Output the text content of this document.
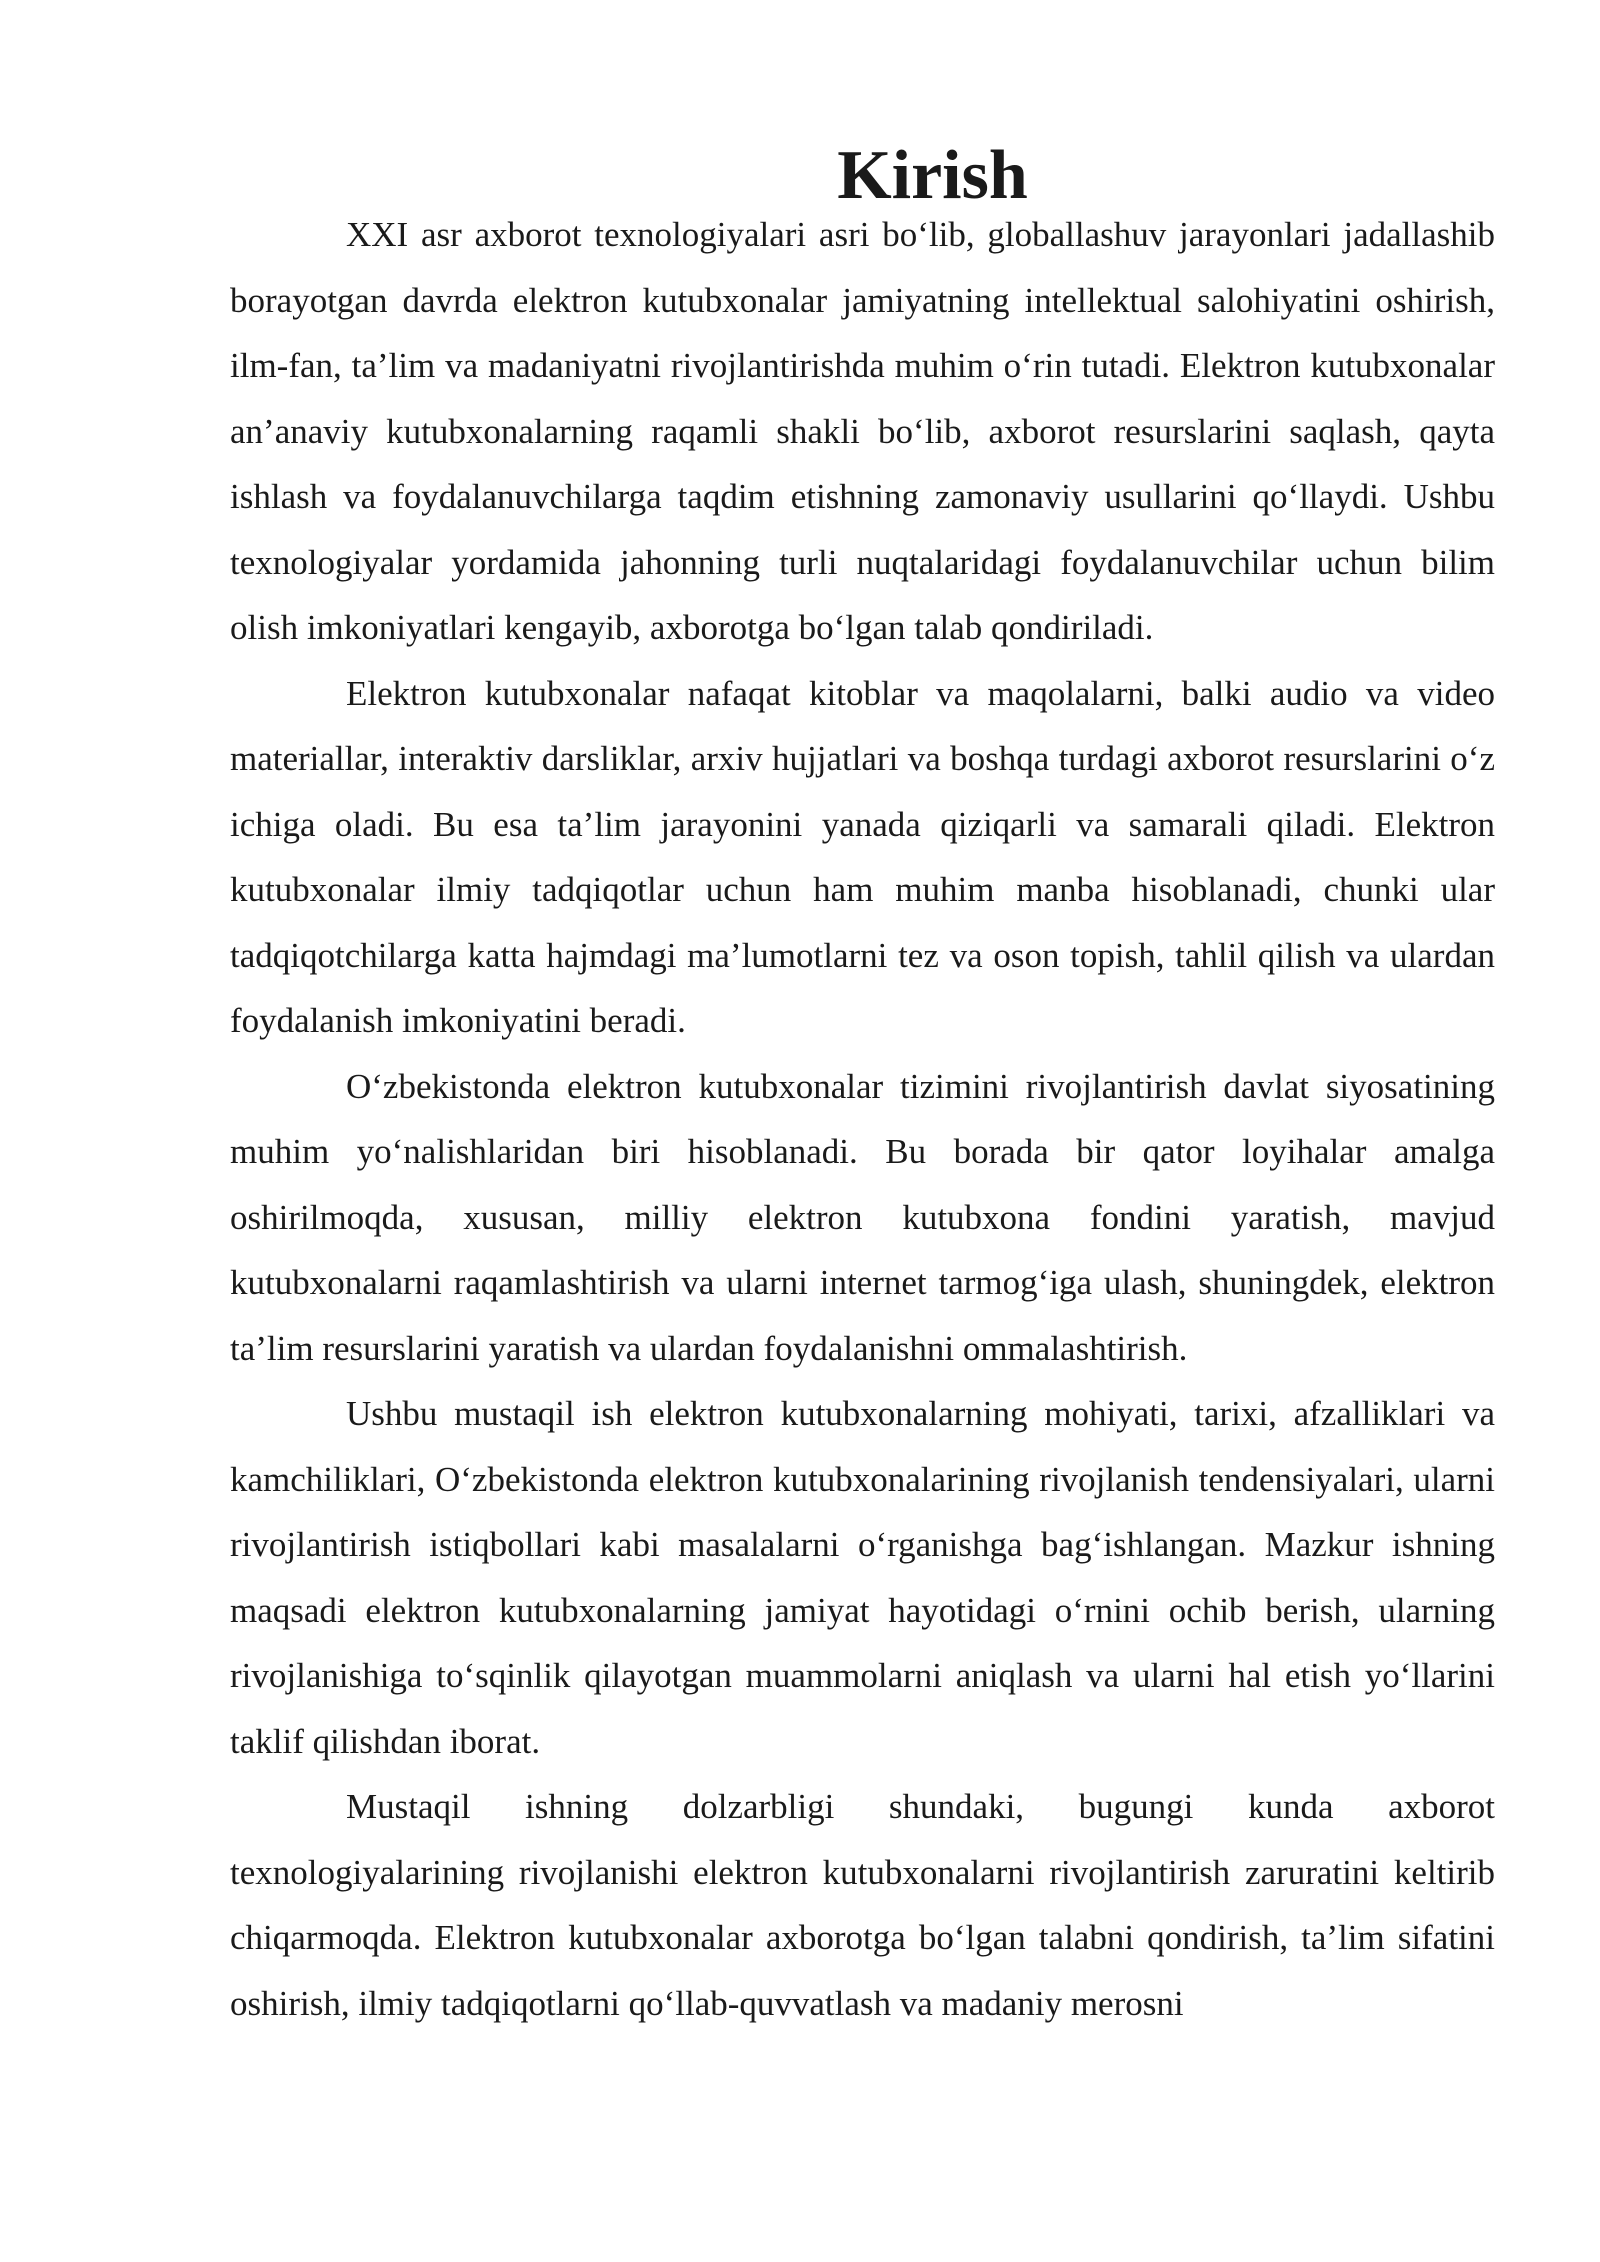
Kirish

XXI asr axborot texnologiyalari asri bo‘lib, globallashuv jarayonlari jadallashib borayotgan davrda elektron kutubxonalar jamiyatning intellektual salohiyatini oshirish, ilm-fan, ta’lim va madaniyatni rivojlantirishda muhim o‘rin tutadi. Elektron kutubxonalar an’anaviy kutubxonalarning raqamli shakli bo‘lib, axborot resurslarini saqlash, qayta ishlash va foydalanuvchilarga taqdim etishning zamonaviy usullarini qo‘llaydi. Ushbu texnologiyalar yordamida jahonning turli nuqtalaridagi foydalanuvchilar uchun bilim olish imkoniyatlari kengayib, axborotga bo‘lgan talab qondiriladi.

Elektron kutubxonalar nafaqat kitoblar va maqolalarni, balki audio va video materiallar, interaktiv darsliklar, arxiv hujjatlari va boshqa turdagi axborot resurslarini o‘z ichiga oladi. Bu esa ta’lim jarayonini yanada qiziqarli va samarali qiladi. Elektron kutubxonalar ilmiy tadqiqotlar uchun ham muhim manba hisoblanadi, chunki ular tadqiqotchilarga katta hajmdagi ma’lumotlarni tez va oson topish, tahlil qilish va ulardan foydalanish imkoniyatini beradi.

O‘zbekistonda elektron kutubxonalar tizimini rivojlantirish davlat siyosatining muhim yo‘nalishlaridan biri hisoblanadi. Bu borada bir qator loyihalar amalga oshirilmoqda, xususan, milliy elektron kutubxona fondini yaratish, mavjud kutubxonalarni raqamlashtirish va ularni internet tarmog‘iga ulash, shuningdek, elektron ta’lim resurslarini yaratish va ulardan foydalanishni ommalashtirish.

Ushbu mustaqil ish elektron kutubxonalarning mohiyati, tarixi, afzalliklari va kamchiliklari, O‘zbekistonda elektron kutubxonalarining rivojlanish tendensiyalari, ularni rivojlantirish istiqbollari kabi masalalarni o‘rganishga bag‘ishlangan. Mazkur ishning maqsadi elektron kutubxonalarning jamiyat hayotidagi o‘rnini ochib berish, ularning rivojlanishiga to‘sqinlik qilayotgan muammolarni aniqlash va ularni hal etish yo‘llarini taklif qilishdan iborat.

Mustaqil ishning dolzarbligi shundaki, bugungi kunda axborot texnologiyalarining rivojlanishi elektron kutubxonalarni rivojlantirish zaruratini keltirib chiqarmoqda. Elektron kutubxonalar axborotga bo‘lgan talabni qondirish, ta’lim sifatini oshirish, ilmiy tadqiqotlarni qo‘llab-quvvatlash va madaniy merosni
